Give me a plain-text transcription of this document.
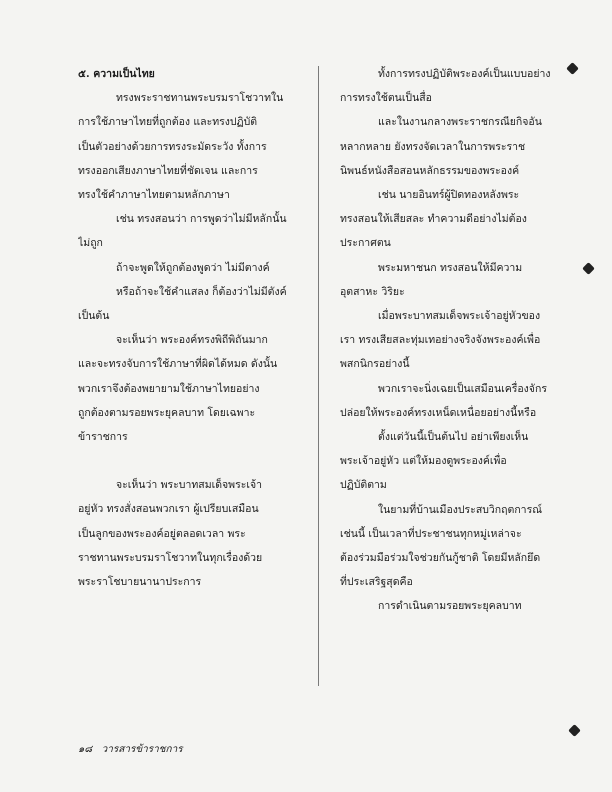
๕. ความเป็นไทย
ทรงพระราชทานพระบรมราโชวาทใน
การใช้ภาษาไทยที่ถูกต้อง และทรงปฏิบัติ
เป็นตัวอย่างด้วยการทรงระมัดระวัง ทั้งการ
ทรงออกเสียงภาษาไทยที่ชัดเจน และการ
ทรงใช้คำภาษาไทยตามหลักภาษา
เช่น ทรงสอนว่า การพูดว่าไม่มีหลักนั้น
ไม่ถูก
ถ้าจะพูดให้ถูกต้องพูดว่า ไม่มีตางค์
หรือถ้าจะใช้คำแสลง ก็ต้องว่าไม่มีตังค์
เป็นต้น
จะเห็นว่า พระองค์ทรงพิถีพิถันมาก
และจะทรงจับการใช้ภาษาที่ผิดได้หมด ดังนั้น
พวกเราจึงต้องพยายามใช้ภาษาไทยอย่าง
ถูกต้องตามรอยพระยุคลบาท โดยเฉพาะ
ข้าราชการ
จะเห็นว่า พระบาทสมเด็จพระเจ้า
อยู่หัว ทรงสั่งสอนพวกเรา ผู้เปรียบเสมือน
เป็นลูกของพระองค์อยู่ตลอดเวลา พระ
ราชทานพระบรมราโชวาทในทุกเรื่องด้วย
พระราโชบายนานาประการ
ทั้งการทรงปฏิบัติพระองค์เป็นแบบอย่าง
การทรงใช้ตนเป็นสื่อ
และในงานกลางพระราชกรณียกิจอัน
หลากหลาย ยังทรงจัดเวลาในการพระราช
นิพนธ์หนังสือสอนหลักธรรมของพระองค์
เช่น นายอินทร์ผู้ปิดทองหลังพระ
ทรงสอนให้เสียสละ ทำความดีอย่างไม่ต้อง
ประกาศตน
พระมหาชนก ทรงสอนให้มีความ
อุตสาหะ วิริยะ
เมื่อพระบาทสมเด็จพระเจ้าอยู่หัวของ
เรา ทรงเสียสละทุ่มเทอย่างจริงจังพระองค์เพื่อ
พสกนิกรอย่างนี้
พวกเราจะนิ่งเฉยเป็นเสมือนเครื่องจักร
ปล่อยให้พระองค์ทรงเหน็ดเหนื่อยอย่างนี้หรือ
ตั้งแต่วันนี้เป็นต้นไป อย่าเพียงเห็น
พระเจ้าอยู่หัว แต่ให้มองดูพระองค์เพื่อ
ปฏิบัติตาม
ในยามที่บ้านเมืองประสบวิกฤตการณ์
เช่นนี้ เป็นเวลาที่ประชาชนทุกหมู่เหล่าจะ
ต้องร่วมมือร่วมใจช่วยกันกู้ชาติ โดยมีหลักยึด
ที่ประเสริฐสุดคือ
การดำเนินตามรอยพระยุคลบาท
๑๘ วารสารข้าราชการ
